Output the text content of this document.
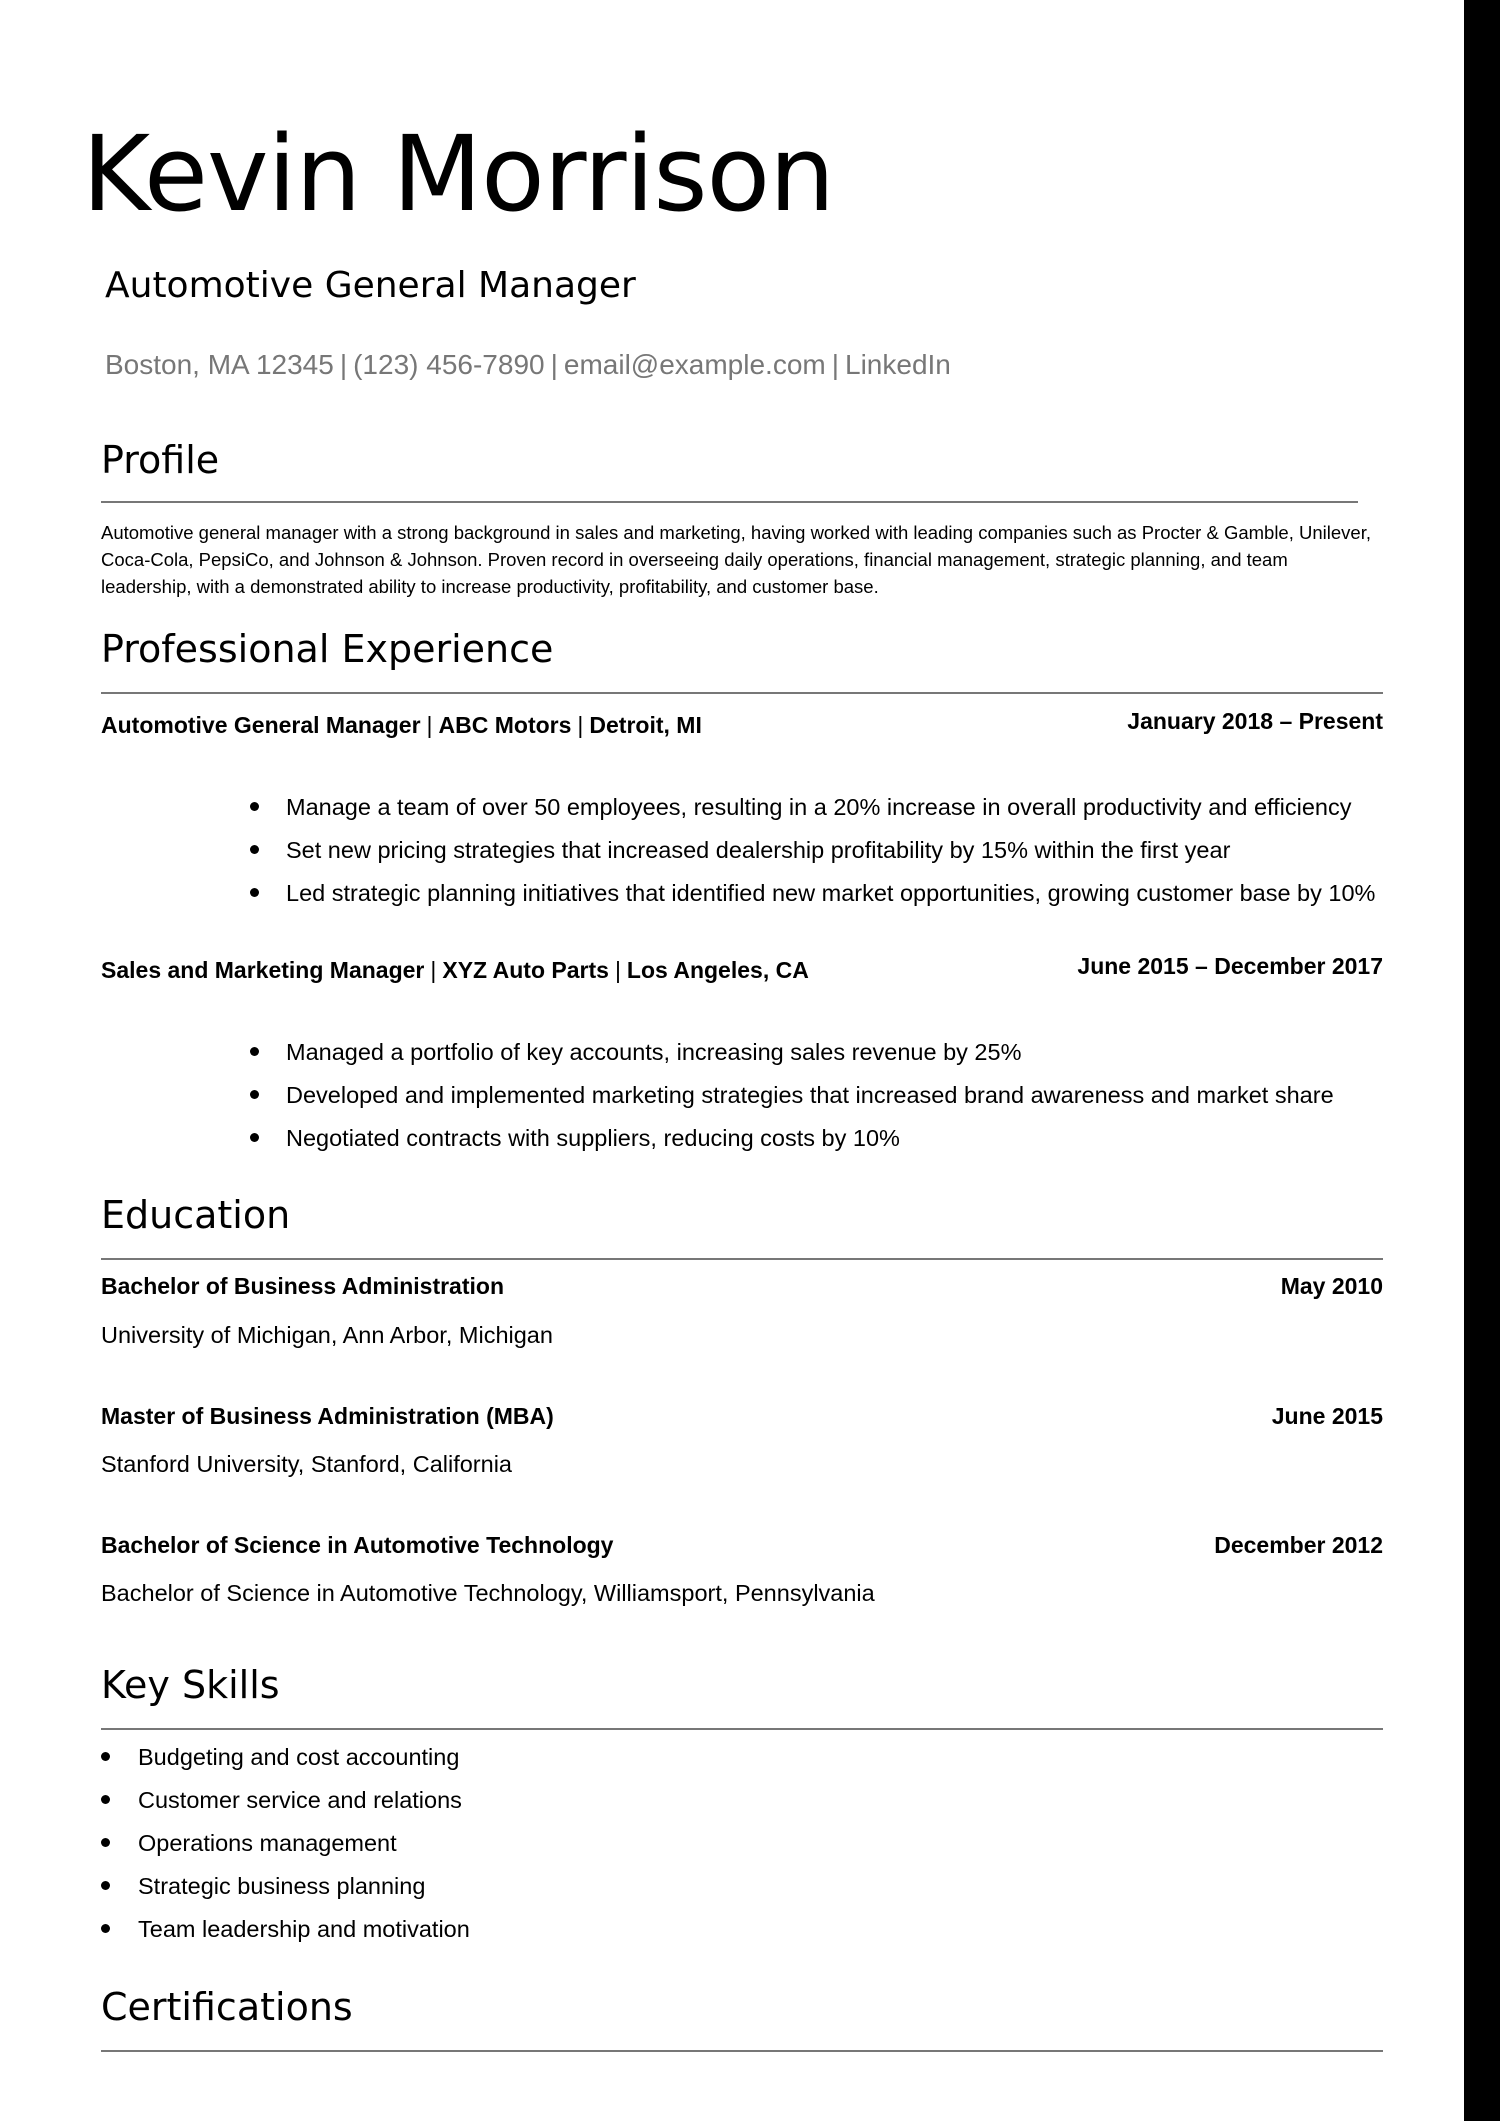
Kevin Morrison
Automotive General Manager
Boston, MA 12345 | (123) 456-7890 | email@example.com | LinkedIn
Profile

Automotive general manager with a strong background in sales and marketing, having worked with leading companies such as Procter & Gamble, Unilever, Coca-Cola, PepsiCo, and Johnson & Johnson. Proven record in overseeing daily operations, financial management, strategic planning, and team leadership, with a demonstrated ability to increase productivity, profitability, and customer base.

Professional Experience
Automotive General Manager | ABC Motors | Detroit, MI	January 2018 – Present
Manage a team of over 50 employees, resulting in a 20% increase in overall productivity and efficiency
Set new pricing strategies that increased dealership profitability by 15% within the first year
Led strategic planning initiatives that identified new market opportunities, growing customer base by 10%
Sales and Marketing Manager | XYZ Auto Parts | Los Angeles, CA	June 2015 – December 2017
Managed a portfolio of key accounts, increasing sales revenue by 25%
Developed and implemented marketing strategies that increased brand awareness and market share
Negotiated contracts with suppliers, reducing costs by 10%
Education
Bachelor of Business Administration	May 2010
University of Michigan, Ann Arbor, Michigan
Master of Business Administration (MBA)	June 2015
Stanford University, Stanford, California
Bachelor of Science in Automotive Technology	December 2012
Bachelor of Science in Automotive Technology, Williamsport, Pennsylvania
Key Skills
Budgeting and cost accounting
Customer service and relations
Operations management
Strategic business planning
Team leadership and motivation
Certifications
